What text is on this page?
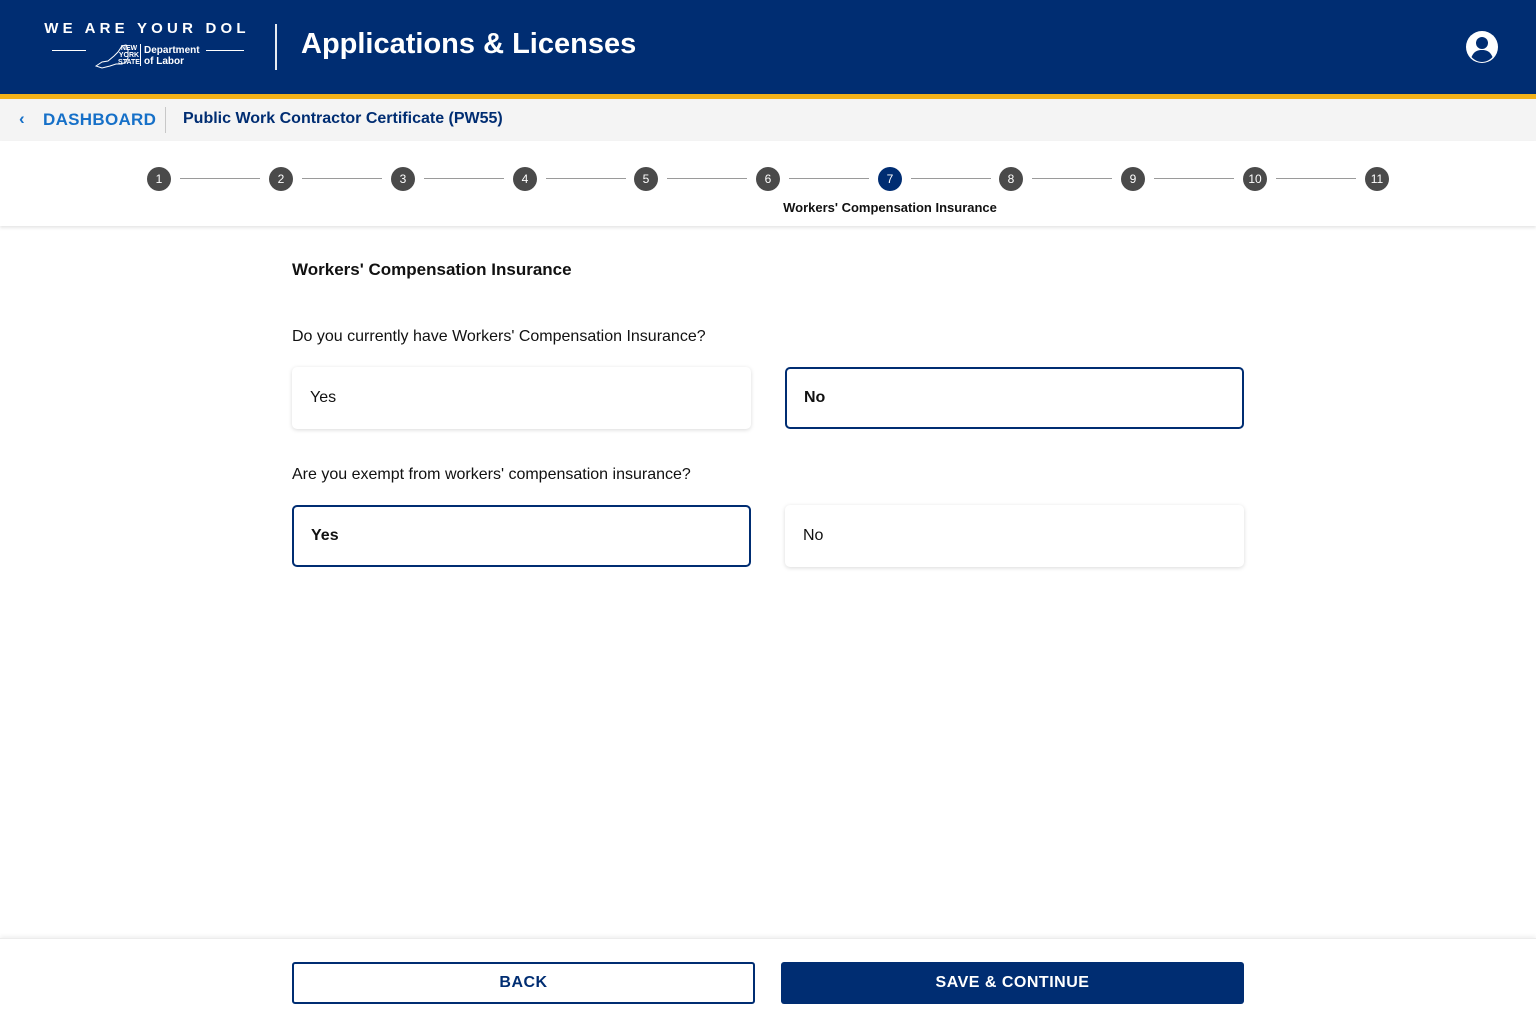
WE ARE YOUR DOL
NEW
YORK
STATE
Department
of Labor
Applications & Licenses
‹ DASHBOARD Public Work Contractor Certificate (PW55)
1	2	3	4	5	6	7	8	9	10	11
Workers' Compensation Insurance
Workers' Compensation Insurance
Do you currently have Workers' Compensation Insurance?
Yes	No
Are you exempt from workers' compensation insurance?
Yes	No
BACK	SAVE & CONTINUE
